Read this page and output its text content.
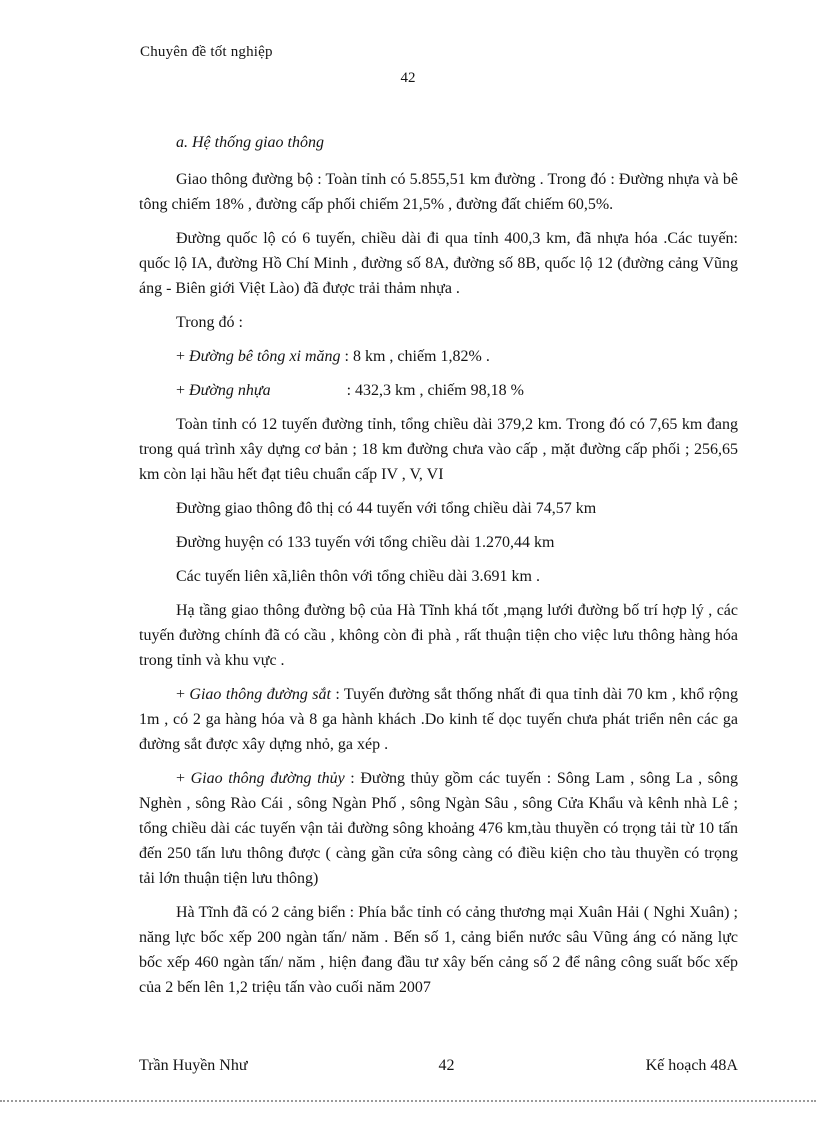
Chuyên đề tốt nghiệp
42

a. Hệ thống giao thông

Giao thông đường bộ : Toàn tỉnh có 5.855,51 km đường . Trong đó : Đường nhựa và bê tông chiếm 18% , đường cấp phối chiếm 21,5% , đường đất chiếm 60,5%.

Đường quốc lộ có 6 tuyến, chiều dài đi qua tỉnh 400,3 km, đã nhựa hóa .Các tuyến: quốc lộ IA, đường Hồ Chí Minh , đường số 8A, đường số 8B, quốc lộ 12 (đường cảng Vũng áng - Biên giới Việt Lào) đã được trải thảm nhựa .

Trong đó :

+ Đường bê tông xi măng : 8 km , chiếm 1,82% .

+ Đường nhựa	: 432,3 km , chiếm 98,18 %

Toàn tỉnh có 12 tuyến đường tỉnh, tổng chiều dài 379,2 km. Trong đó có 7,65 km đang trong quá trình xây dựng cơ bản ; 18 km đường chưa vào cấp , mặt đường cấp phối ; 256,65 km còn lại hầu hết đạt tiêu chuẩn cấp IV , V, VI

Đường giao thông đô thị có 44 tuyến với tổng chiều dài 74,57 km

Đường huyện có 133 tuyến với tổng chiều dài 1.270,44 km

Các tuyến liên xã,liên thôn với tổng chiều dài 3.691 km .

Hạ tầng giao thông đường bộ của Hà Tĩnh khá tốt ,mạng lưới đường bố trí hợp lý , các tuyến đường chính đã có cầu , không còn đi phà , rất thuận tiện cho việc lưu thông hàng hóa trong tỉnh và khu vực .

+ Giao thông đường sắt : Tuyến đường sắt thống nhất đi qua tỉnh dài 70 km , khổ rộng 1m , có 2 ga hàng hóa và 8 ga hành khách .Do kinh tế dọc tuyến chưa phát triển nên các ga đường sắt được xây dựng nhỏ, ga xép .

+ Giao thông đường thủy : Đường thủy gồm các tuyến : Sông Lam , sông La , sông Nghèn , sông Rào Cái , sông Ngàn Phố , sông Ngàn Sâu , sông Cửa Khẩu và kênh nhà Lê ; tổng chiều dài các tuyến vận tải đường sông khoảng 476 km,tàu thuyền có trọng tải từ 10 tấn đến 250 tấn lưu thông được ( càng gần cửa sông càng có điều kiện cho tàu thuyền có trọng tải lớn thuận tiện lưu thông)

Hà Tĩnh đã có 2 cảng biển : Phía bắc tỉnh có cảng thương mại Xuân Hải ( Nghi Xuân) ; năng lực bốc xếp 200 ngàn tấn/ năm . Bến số 1, cảng biển nước sâu Vũng áng có năng lực bốc xếp 460 ngàn tấn/ năm , hiện đang đầu tư xây bến cảng số 2 để nâng công suất bốc xếp của 2 bến lên 1,2 triệu tấn vào cuối năm 2007

Trần Huyền Như	42	Kế hoạch 48A
